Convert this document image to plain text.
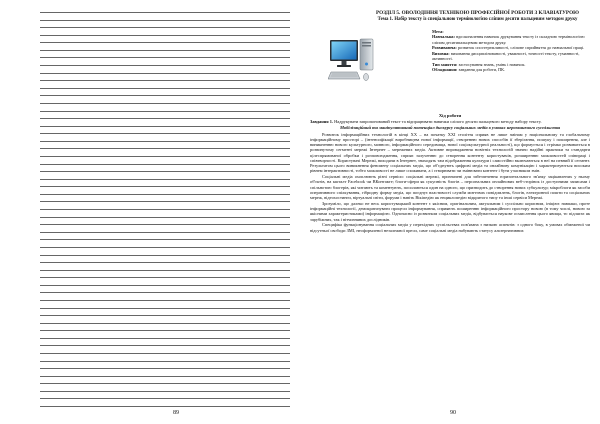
89
РОЗДІЛ 5. ОВОЛОДІННЯ ТЕХНІКОЮ ПРОФЕСІЙНОЇ РОБОТИ З КЛАВІАТУРОЮ
Тема 1. Набір тексту із спеціальною термінологією сліпим десяти пальцевим методом друку
Мета:
Навчальна: вдосконалення навичок друкування тексту із складною термінологією сліпим десятипальцевим методом друку.
Розвиваюча: розвиток спостережливості, сліпове сприйняття до навчальної праці.
Виховна: виховання дисциплінованості, уважності, точності тексту, гуманності, активності.
Тип заняття: застосування знань, умінь і навичок.
Обладнання: завдання для роботи, ПК.
Хід роботи
Завдання 1. Надрукувати запропонований текст та відпрацювати навички сліпого десяти пальцевого методу набору тексту.
Мобілізаційний та маніпулятивний потенціал дискурсу соціальних медіа в умовах нерозвиненого суспільства

Розвиток інформаційних технологій в кінці ХХ – на початку ХХІ століття сприяв не лише змінам у національному та глобальному інформаційному просторі – (інтенсифікації виробництва нової інформації, створенню нових способів її зберігання, пошуку і поширення, але і виникненню нового культурного, мовного, інформаційного середовища, нової соціокультурної реальності), що формується і стрімко розвивається в розвинутому сегменті мережі Інтернет – мережевих медіа. Активне впровадження новітніх технологій значно надійні практики та стандарти цілеспрямованої обробки і розповсюдження, сприяє залученню до створення контенту користувачів, розширенню можливостей співпраці і співтворчості. Користувачі Мережі, виходячи в Інтернет, знаходять там відображення культури і самостійно включаються в неї на певний її сегмент. Результатом цього виникнення феномену соціальних медіа, що об'єднують цифрові медіа та онлайнову комунікацію і характеризуються високим рівнем інтерактивності, тобто можливості не лише споживати, а і створювати чи змінювати контент і бути учасником змін.

Соціальні медіа охоплюють різні сервіси: соціальні мережі, призначені для забезпечення горизонтального зв'язку зацікавлених у ньому об'єктів, на кшталт Facebook чи ВКонтакте; блоги-сфери як сукупність блогів – персональних онлайнових веб-сторінок із доступними записами і спільнотою блогерів, які читають та коментують, посилаються один на одного, що призводить до створення нових субкультур; мікроблоги як засоби оперативного спілкування, гібридну форму медіа, що поєднує властивості служби миттєвих повідомлень, блогів, електронної пошти та соціальних мереж, відеохостинги, віртуальні світи, форуми і навіть Вікіпедію як енциклопедію відкритого типу та інші сервіси Мережі.

Зрозуміло, що далеко не весь користувацький контент є якісним, оригінальним, актуальним і суспільно корисним, ініціює навпаки, проте інформаційні технології, демократизувати процеси інформування, сприяють поширенню інформаційного простору новою (в тому числі, новою за якісними характеристиками) інформацією. Одночасно із розвитком соціальних медіа, відбувається наукове осмислення цього явища, то підлягає як зарубіжних, так і вітчизняних дослідників.

Специфіка функціонування соціальних медіа у перехідних суспільствах пов'язана з низкою аспектів: з одного боку, в умовах обмеженої чи відсутньої свободи ЗМІ, неоформленої незалежної преси, саме соціальні медіа набувають статусу альтернативних

90
